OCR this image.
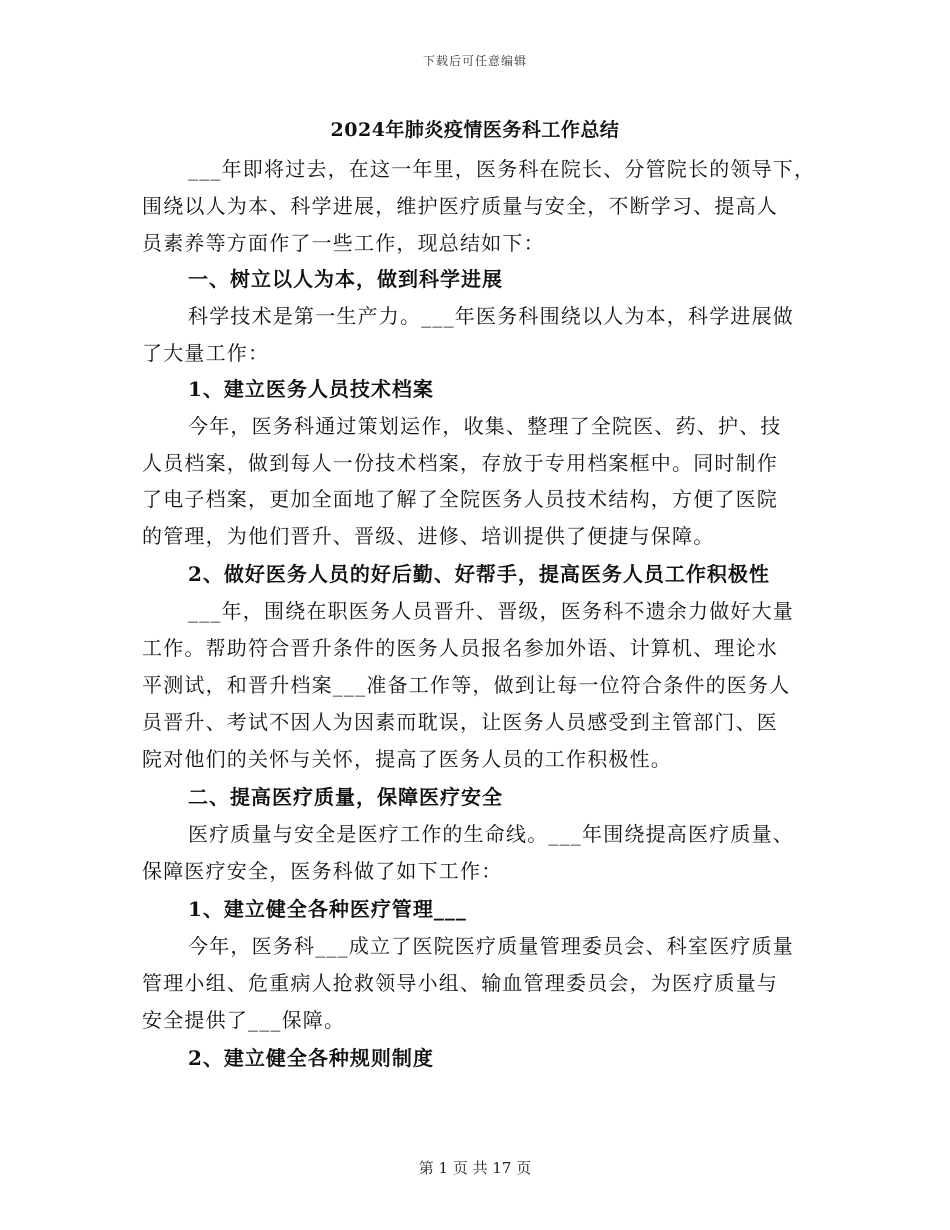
下载后可任意编辑
2024年肺炎疫情医务科工作总结
___年即将过去，在这一年里，医务科在院长、分管院长的领导下，
围绕以人为本、科学进展，维护医疗质量与安全，不断学习、提高人
员素养等方面作了一些工作，现总结如下：
一、树立以人为本，做到科学进展
科学技术是第一生产力。___年医务科围绕以人为本，科学进展做
了大量工作：
1、建立医务人员技术档案
今年，医务科通过策划运作，收集、整理了全院医、药、护、技
人员档案，做到每人一份技术档案，存放于专用档案框中。同时制作
了电子档案，更加全面地了解了全院医务人员技术结构，方便了医院
的管理，为他们晋升、晋级、进修、培训提供了便捷与保障。
2、做好医务人员的好后勤、好帮手，提高医务人员工作积极性
___年，围绕在职医务人员晋升、晋级，医务科不遗余力做好大量
工作。帮助符合晋升条件的医务人员报名参加外语、计算机、理论水
平测试，和晋升档案___准备工作等，做到让每一位符合条件的医务人
员晋升、考试不因人为因素而耽误，让医务人员感受到主管部门、医
院对他们的关怀与关怀，提高了医务人员的工作积极性。
二、提高医疗质量，保障医疗安全
医疗质量与安全是医疗工作的生命线。___年围绕提高医疗质量、
保障医疗安全，医务科做了如下工作：
1、建立健全各种医疗管理___
今年，医务科___成立了医院医疗质量管理委员会、科室医疗质量
管理小组、危重病人抢救领导小组、输血管理委员会，为医疗质量与
安全提供了___保障。
2、建立健全各种规则制度
第 1 页 共 17 页
